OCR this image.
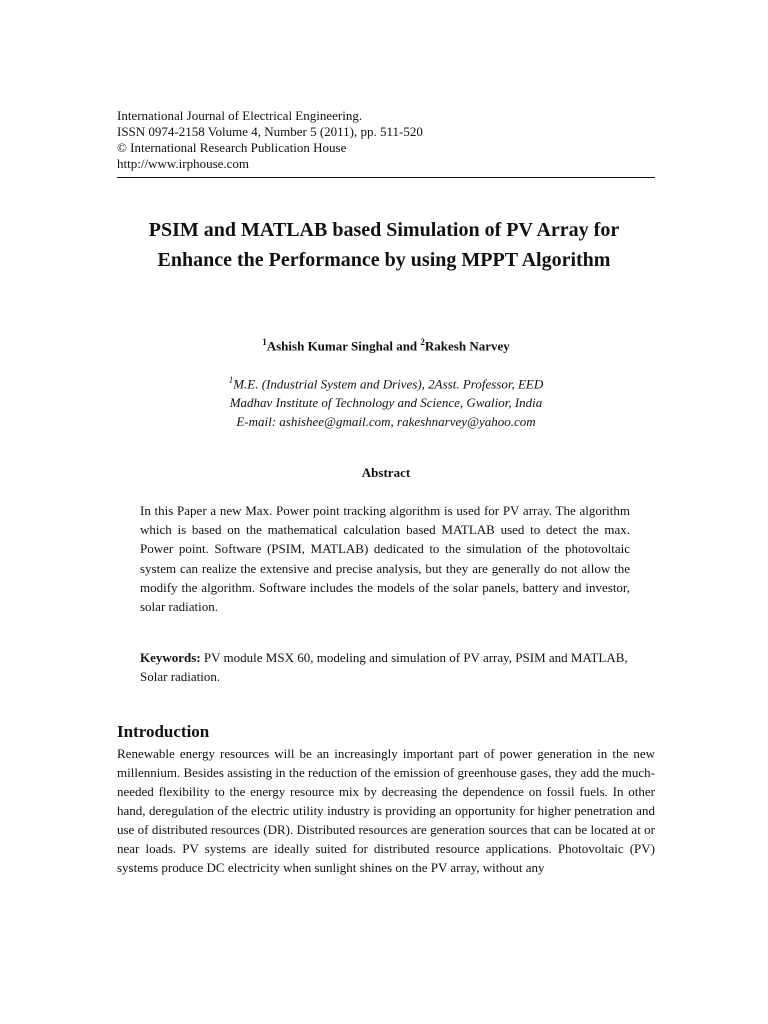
International Journal of Electrical Engineering.
ISSN 0974-2158 Volume 4, Number 5 (2011), pp. 511-520
© International Research Publication House
http://www.irphouse.com
PSIM and MATLAB based Simulation of PV Array for Enhance the Performance by using MPPT Algorithm
$^1$Ashish Kumar Singhal and $^2$Rakesh Narvey
$^1$M.E. (Industrial System and Drives), 2Asst. Professor, EED
Madhav Institute of Technology and Science, Gwalior, India
E-mail: ashishee@gmail.com, rakeshnarvey@yahoo.com
Abstract

In this Paper a new Max. Power point tracking algorithm is used for PV array. The algorithm which is based on the mathematical calculation based MATLAB used to detect the max. Power point. Software (PSIM, MATLAB) dedicated to the simulation of the photovoltaic system can realize the extensive and precise analysis, but they are generally do not allow the modify the algorithm. Software includes the models of the solar panels, battery and investor, solar radiation.

Keywords: PV module MSX 60, modeling and simulation of PV array, PSIM and MATLAB, Solar radiation.

Introduction

Renewable energy resources will be an increasingly important part of power generation in the new millennium. Besides assisting in the reduction of the emission of greenhouse gases, they add the much- needed flexibility to the energy resource mix by decreasing the dependence on fossil fuels. In other hand, deregulation of the electric utility industry is providing an opportunity for higher penetration and use of distributed resources (DR). Distributed resources are generation sources that can be located at or near loads. PV systems are ideally suited for distributed resource applications. Photovoltaic (PV) systems produce DC electricity when sunlight shines on the PV array, without any
